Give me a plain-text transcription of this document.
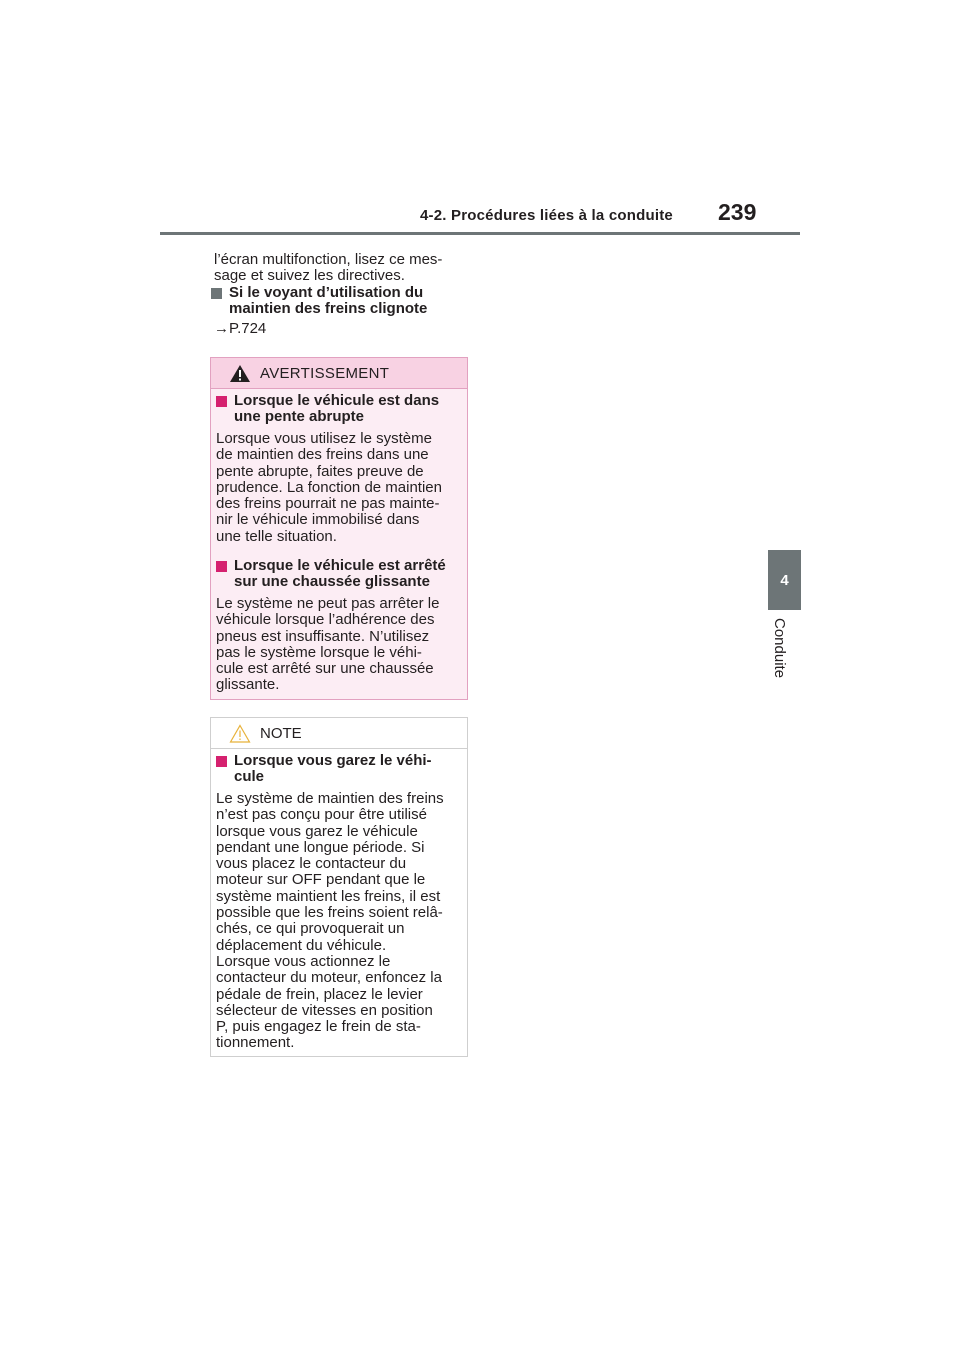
4-2. Procédures liées à la conduite 239
4
Conduite
l’écran multifonction, lisez ce mes-
sage et suivez les directives.
Si le voyant d’utilisation du
maintien des freins clignote
→P.724
AVERTISSEMENT
Lorsque le véhicule est dans
une pente abrupte
Lorsque vous utilisez le système
de maintien des freins dans une
pente abrupte, faites preuve de
prudence. La fonction de maintien
des freins pourrait ne pas mainte-
nir le véhicule immobilisé dans
une telle situation.
Lorsque le véhicule est arrêté
sur une chaussée glissante
Le système ne peut pas arrêter le
véhicule lorsque l’adhérence des
pneus est insuffisante. N’utilisez
pas le système lorsque le véhi-
cule est arrêté sur une chaussée
glissante.
NOTE
Lorsque vous garez le véhi-
cule
Le système de maintien des freins
n’est pas conçu pour être utilisé
lorsque vous garez le véhicule
pendant une longue période. Si
vous placez le contacteur du
moteur sur OFF pendant que le
système maintient les freins, il est
possible que les freins soient relâ-
chés, ce qui provoquerait un
déplacement du véhicule.
Lorsque vous actionnez le
contacteur du moteur, enfoncez la
pédale de frein, placez le levier
sélecteur de vitesses en position
P, puis engagez le frein de sta-
tionnement.
